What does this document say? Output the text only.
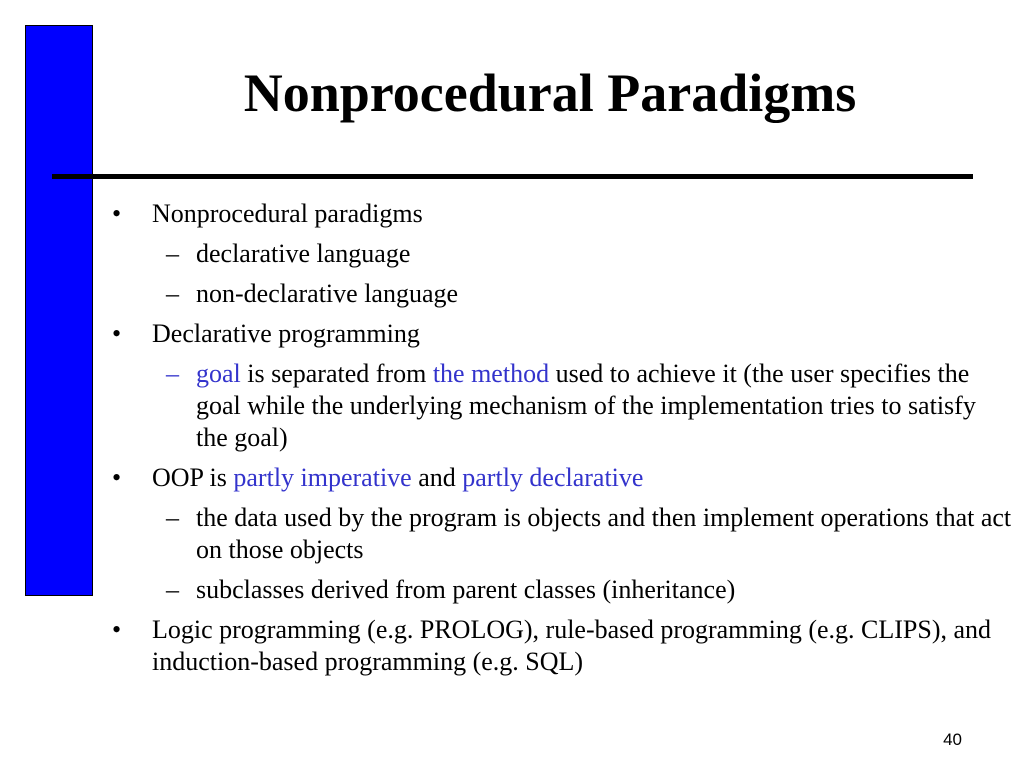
Nonprocedural Paradigms

• Nonprocedural paradigms

– declarative language

– non-declarative language

• Declarative programming

– goal is separated from the method used to achieve it (the user specifies the goal while the underlying mechanism of the implementation tries to satisfy the goal)

• OOP is partly imperative and partly declarative

– the data used by the program is objects and then implement operations that act on those objects

– subclasses derived from parent classes (inheritance)

• Logic programming (e.g. PROLOG), rule-based programming (e.g. CLIPS), and induction-based programming (e.g. SQL)

40
